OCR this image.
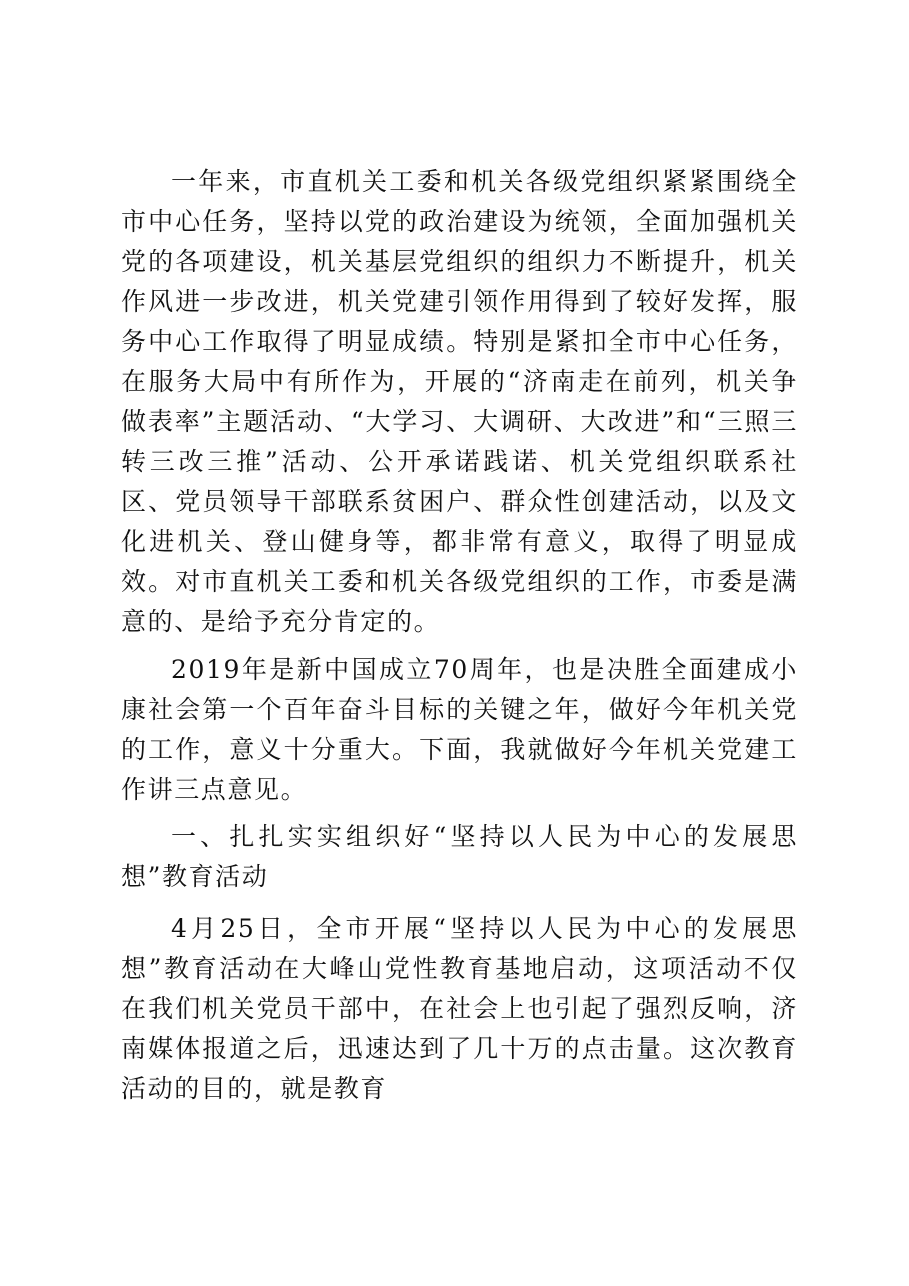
一年来，市直机关工委和机关各级党组织紧紧围绕全市中心任务，坚持以党的政治建设为统领，全面加强机关党的各项建设，机关基层党组织的组织力不断提升，机关作风进一步改进，机关党建引领作用得到了较好发挥，服务中心工作取得了明显成绩。特别是紧扣全市中心任务，在服务大局中有所作为，开展的“济南走在前列，机关争做表率”主题活动、“大学习、大调研、大改进”和“三照三转三改三推”活动、公开承诺践诺、机关党组织联系社区、党员领导干部联系贫困户、群众性创建活动，以及文化进机关、登山健身等，都非常有意义，取得了明显成效。对市直机关工委和机关各级党组织的工作，市委是满意的、是给予充分肯定的。

2019年是新中国成立70周年，也是决胜全面建成小康社会第一个百年奋斗目标的关键之年，做好今年机关党的工作，意义十分重大。下面，我就做好今年机关党建工作讲三点意见。

一、扎扎实实组织好“坚持以人民为中心的发展思想”教育活动

4月25日，全市开展“坚持以人民为中心的发展思想”教育活动在大峰山党性教育基地启动，这项活动不仅在我们机关党员干部中，在社会上也引起了强烈反响，济南媒体报道之后，迅速达到了几十万的点击量。这次教育活动的目的，就是教育
